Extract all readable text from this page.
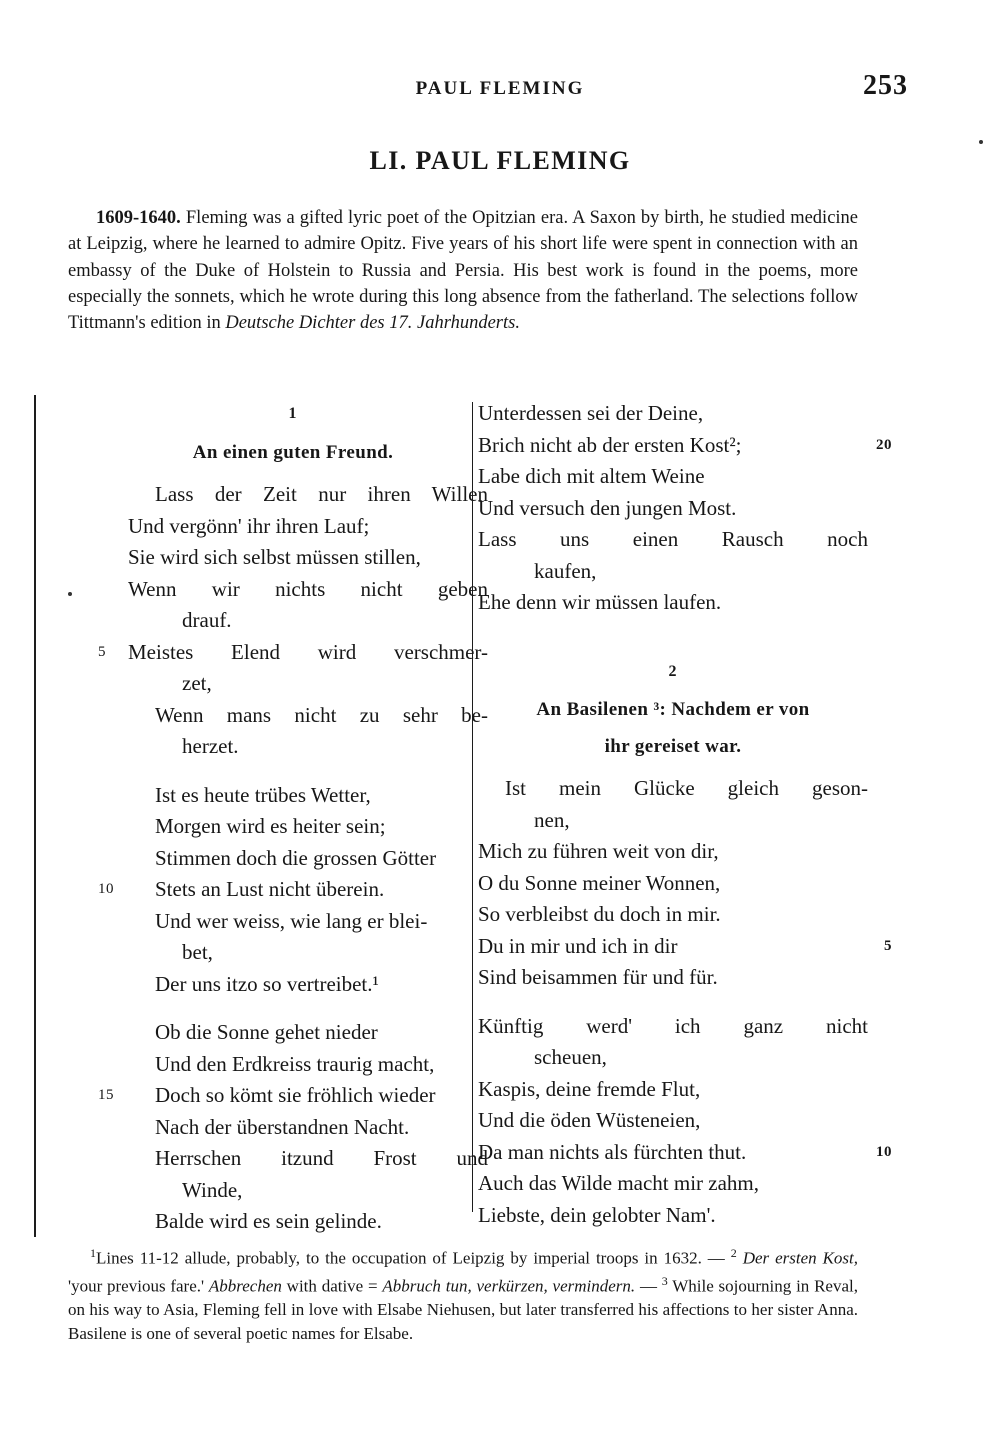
PAUL FLEMING	253
LI. PAUL FLEMING
1609-1640. Fleming was a gifted lyric poet of the Opitzian era. A Saxon by birth, he studied medicine at Leipzig, where he learned to admire Opitz. Five years of his short life were spent in connection with an embassy of the Duke of Holstein to Russia and Persia. His best work is found in the poems, more especially the sonnets, which he wrote during this long absence from the fatherland. The selections follow Tittmann's edition in Deutsche Dichter des 17. Jahrhunderts.
1
An einen guten Freund.
Lass der Zeit nur ihren Willen
Und vergönn' ihr ihren Lauf;
Sie wird sich selbst müssen stillen,
Wenn wir nichts nicht geben
drauf.
5 Meistes Elend wird verschmer-
zet,
Wenn mans nicht zu sehr be-
herzet.
Ist es heute trübes Wetter,
Morgen wird es heiter sein;
Stimmen doch die grossen Götter
10 Stets an Lust nicht überein.
Und wer weiss, wie lang er blei-
bet,
Der uns itzo so vertreibet.¹
Ob die Sonne gehet nieder
Und den Erdkreiss traurig macht,
15 Doch so kömt sie fröhlich wieder
Nach der überstandnen Nacht.
Herrschen itzund Frost und
Winde,
Balde wird es sein gelinde.
Unterdessen sei der Deine,
Brich nicht ab der ersten Kost²;	20
Labe dich mit altem Weine
Und versuch den jungen Most.
Lass uns einen Rausch noch
kaufen,
Ehe denn wir müssen laufen.
2
An Basilenen ³: Nachdem er von
ihr gereiset war.
Ist mein Glücke gleich geson-
nen,
Mich zu führen weit von dir,
O du Sonne meiner Wonnen,
So verbleibst du doch in mir.
Du in mir und ich in dir	5
Sind beisammen für und für.
Künftig werd' ich ganz nicht
scheuen,
Kaspis, deine fremde Flut,
Und die öden Wüsteneien,
Da man nichts als fürchten thut.	10
Auch das Wilde macht mir zahm,
Liebste, dein gelobter Nam'.
$^1$Lines 11-12 allude, probably, to the occupation of Leipzig by imperial troops in 1632. — $^2$ Der ersten Kost, 'your previous fare.' Abbrechen with dative = Abbruch tun, verkürzen, vermindern. — $^3$ While sojourning in Reval, on his way to Asia, Fleming fell in love with Elsabe Niehusen, but later transferred his affections to her sister Anna. Basilene is one of several poetic names for Elsabe.
